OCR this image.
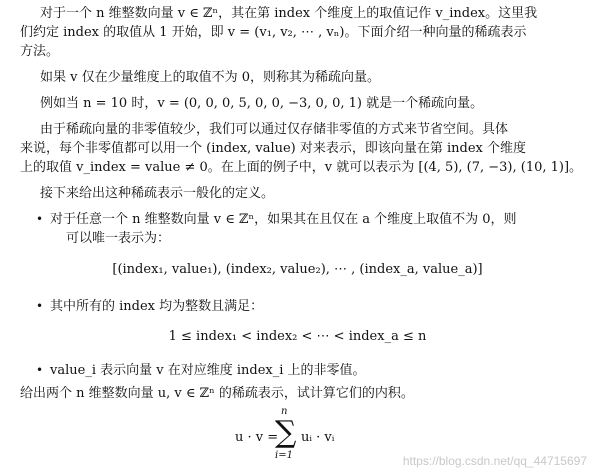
对于一个 n 维整数向量 v ∈ ℤⁿ，其在第 index 个维度上的取值记作 v_index。这里我
们约定 index 的取值从 1 开始，即 v = (v₁, v₂, ⋯ , vₙ)。下面介绍一种向量的稀疏表示
方法。
如果 v 仅在少量维度上的取值不为 0，则称其为稀疏向量。
例如当 n = 10 时，v = (0, 0, 0, 5, 0, 0, −3, 0, 0, 1) 就是一个稀疏向量。
由于稀疏向量的非零值较少，我们可以通过仅存储非零值的方式来节省空间。具体
来说，每个非零值都可以用一个 (index, value) 对来表示，即该向量在第 index 个维度
上的取值 v_index = value ≠ 0。在上面的例子中，v 就可以表示为 [(4, 5), (7, −3), (10, 1)]。
接下来给出这种稀疏表示一般化的定义。
• 对于任意一个 n 维整数向量 v ∈ ℤⁿ，如果其在且仅在 a 个维度上取值不为 0，则
可以唯一表示为：
[(index₁, value₁), (index₂, value₂), ⋯ , (index_a, value_a)]
• 其中所有的 index 均为整数且满足：
1 ≤ index₁ < index₂ < ⋯ < index_a ≤ n
• value_i 表示向量 v 在对应维度 index_i 上的非零值。
给出两个 n 维整数向量 u, v ∈ ℤⁿ 的稀疏表示，试计算它们的内积。
u · v =
n
∑
i=1
uᵢ · vᵢ
https://blog.csdn.net/qq_44715697
